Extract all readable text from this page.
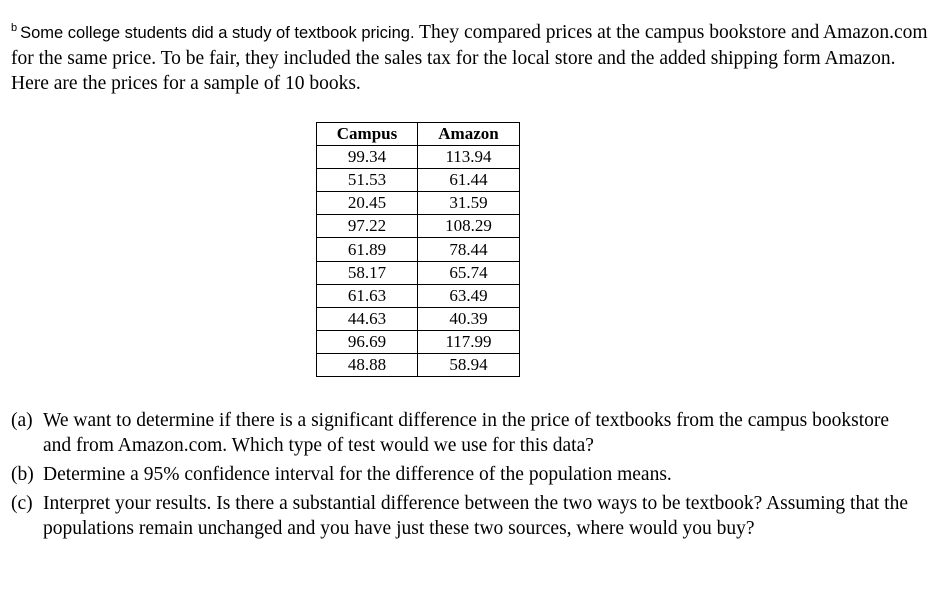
$^b$ Some college students did a study of textbook pricing. They compared prices at the campus bookstore and Amazon.com for the same price. To be fair, they included the sales tax for the local store and the added shipping form Amazon. Here are the prices for a sample of 10 books.
Campus	Amazon
99.34	113.94
51.53	61.44
20.45	31.59
97.22	108.29
61.89	78.44
58.17	65.74
61.63	63.49
44.63	40.39
96.69	117.99
48.88	58.94
(a) We want to determine if there is a significant difference in the price of textbooks from the campus bookstore and from Amazon.com. Which type of test would we use for this data?
(b) Determine a 95% confidence interval for the difference of the population means.
(c) Interpret your results. Is there a substantial difference between the two ways to be textbook? Assuming that the populations remain unchanged and you have just these two sources, where would you buy?
